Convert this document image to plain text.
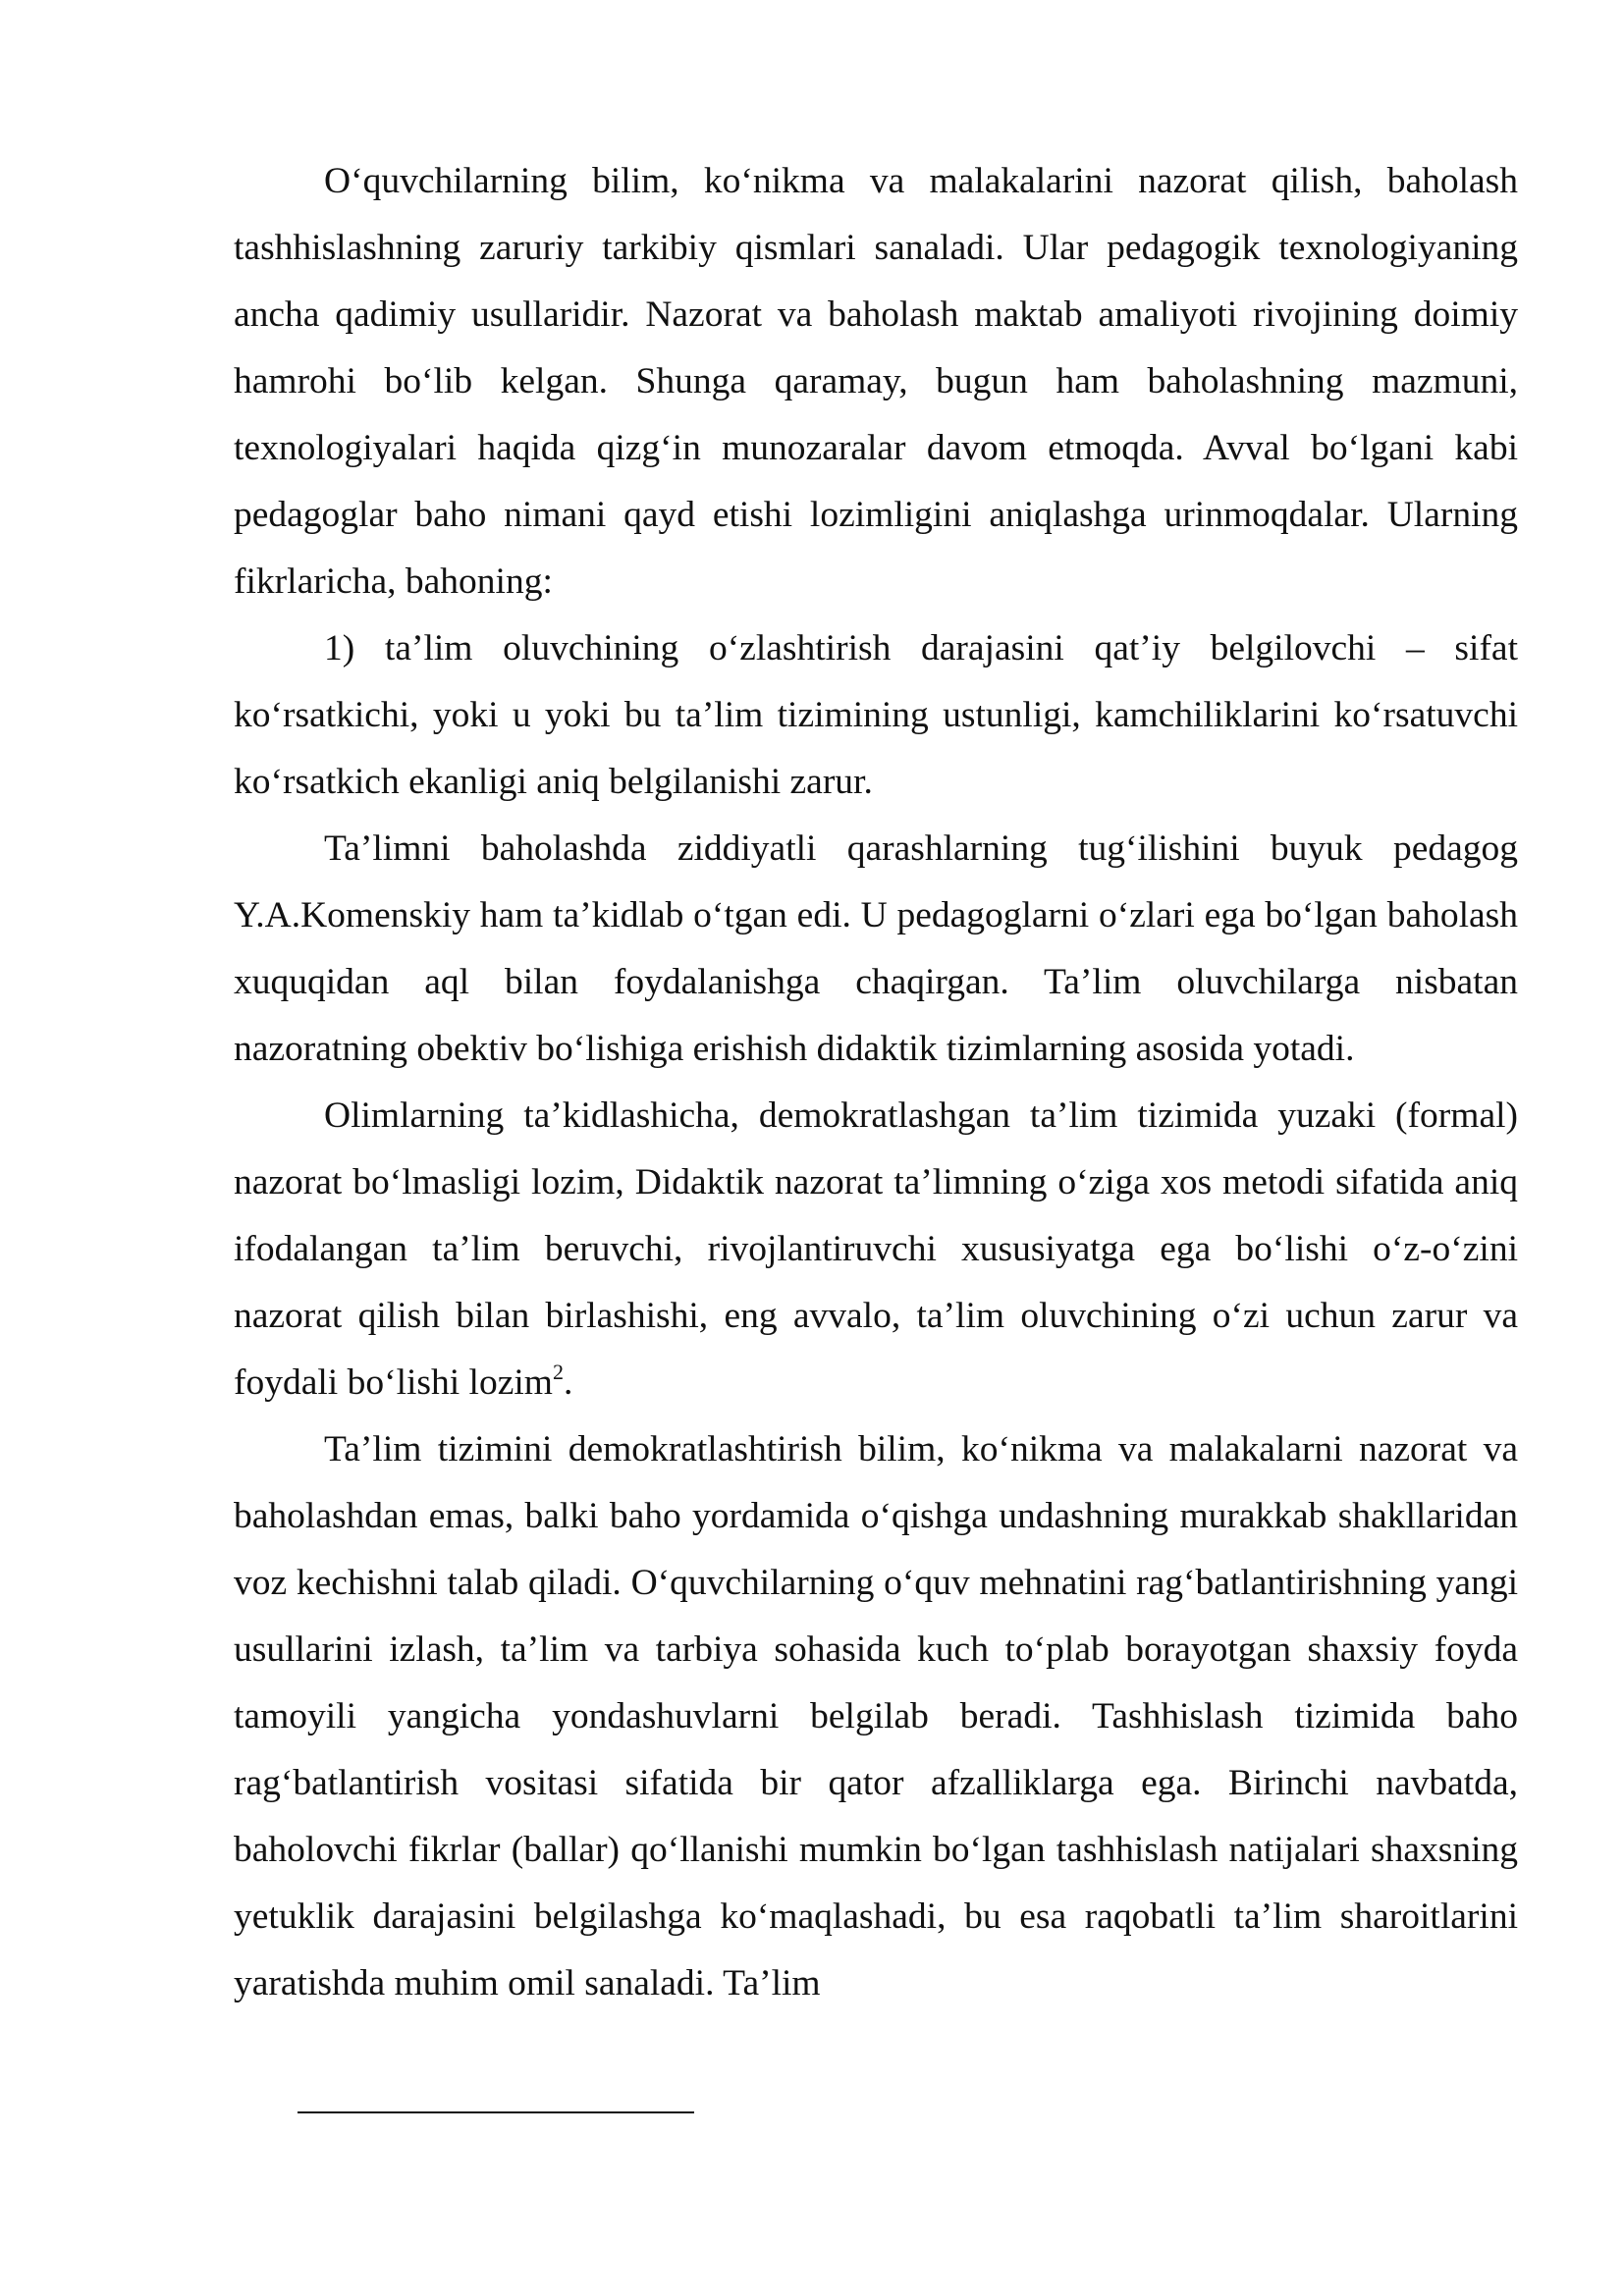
O‘quvchilarning bilim, ko‘nikma va malakalarini nazorat qilish, baholash tashhislashning zaruriy tarkibiy qismlari sanaladi. Ular pedagogik texnologiyaning ancha qadimiy usullaridir. Nazorat va baholash maktab amaliyoti rivojining doimiy hamrohi bo‘lib kelgan. Shunga qaramay, bugun ham baholashning mazmuni, texnologiyalari haqida qizg‘in munozaralar davom etmoqda. Avval bo‘lgani kabi pedagoglar baho nimani qayd etishi lozimligini aniqlashga urinmoqdalar. Ularning fikrlaricha, bahoning:

1) ta’lim oluvchining o‘zlashtirish darajasini qat’iy belgilovchi – sifat ko‘rsatkichi, yoki u yoki bu ta’lim tizimining ustunligi, kamchiliklarini ko‘rsatuvchi ko‘rsatkich ekanligi aniq belgilanishi zarur.

Ta’limni baholashda ziddiyatli qarashlarning tug‘ilishini buyuk pedagog Y.A.Komenskiy ham ta’kidlab o‘tgan edi. U pedagoglarni o‘zlari ega bo‘lgan baholash xuquqidan aql bilan foydalanishga chaqirgan. Ta’lim oluvchilarga nisbatan nazoratning obektiv bo‘lishiga erishish didaktik tizimlarning asosida yotadi.

Olimlarning ta’kidlashicha, demokratlashgan ta’lim tizimida yuzaki (formal) nazorat bo‘lmasligi lozim, Didaktik nazorat ta’limning o‘ziga xos metodi sifatida aniq ifodalangan ta’lim beruvchi, rivojlantiruvchi xususiyatga ega bo‘lishi o‘z-o‘zini nazorat qilish bilan birlashishi, eng avvalo, ta’lim oluvchining o‘zi uchun zarur va foydali bo‘lishi lozim$^2$.

Ta’lim tizimini demokratlashtirish bilim, ko‘nikma va malakalarni nazorat va baholashdan emas, balki baho yordamida o‘qishga undashning murakkab shakllaridan voz kechishni talab qiladi. O‘quvchilarning o‘quv mehnatini rag‘batlantirishning yangi usullarini izlash, ta’lim va tarbiya sohasida kuch to‘plab borayotgan shaxsiy foyda tamoyili yangicha yondashuvlarni belgilab beradi. Tashhislash tizimida baho rag‘batlantirish vositasi sifatida bir qator afzalliklarga ega. Birinchi navbatda, baholovchi fikrlar (ballar) qo‘llanishi mumkin bo‘lgan tashhislash natijalari shaxsning yetuklik darajasini belgilashga ko‘maqlashadi, bu esa raqobatli ta’lim sharoitlarini yaratishda muhim omil sanaladi. Ta’lim
